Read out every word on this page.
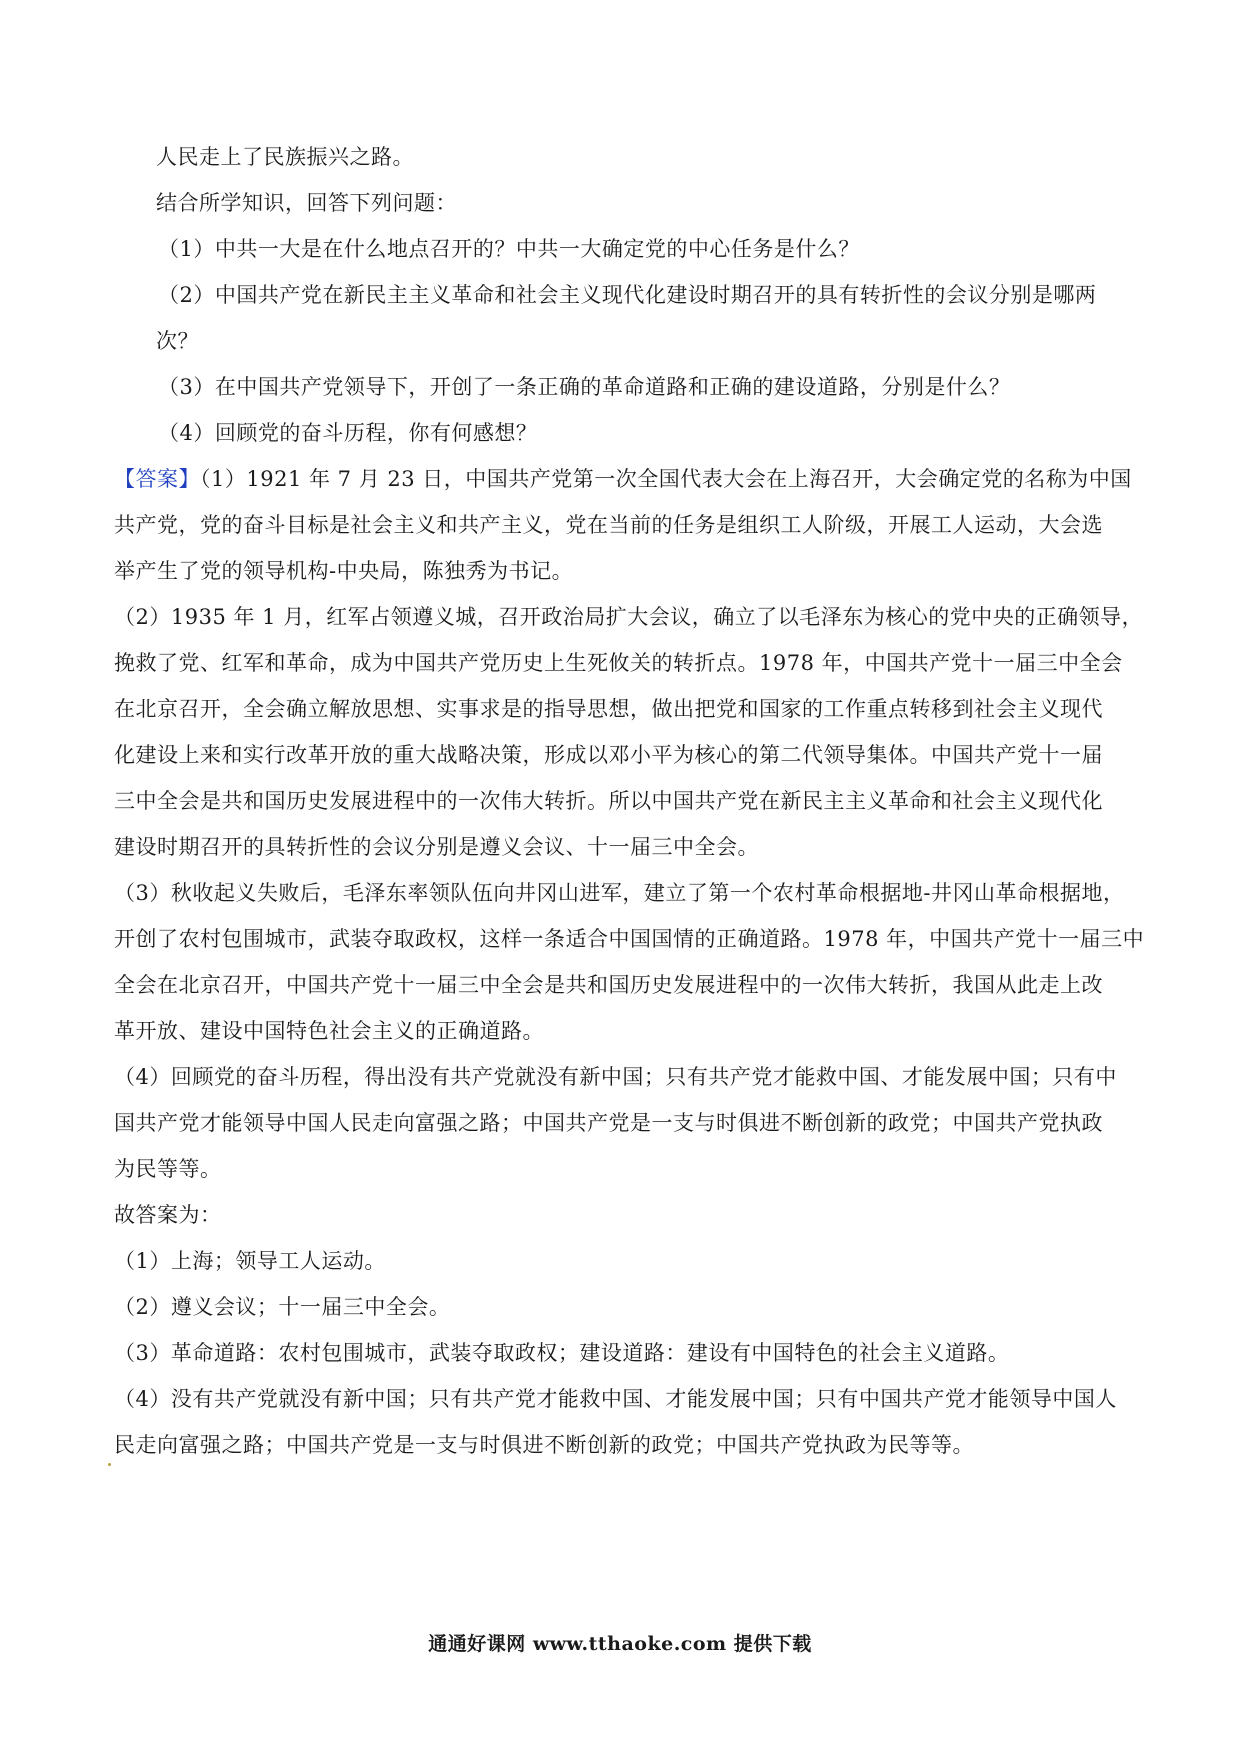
人民走上了民族振兴之路。
结合所学知识，回答下列问题：
（1）中共一大是在什么地点召开的？中共一大确定党的中心任务是什么？
（2）中国共产党在新民主主义革命和社会主义现代化建设时期召开的具有转折性的会议分别是哪两
次？
（3）在中国共产党领导下，开创了一条正确的革命道路和正确的建设道路，分别是什么？
（4）回顾党的奋斗历程，你有何感想？
【答案】（1）1921 年 7 月 23 日，中国共产党第一次全国代表大会在上海召开，大会确定党的名称为中国
共产党，党的奋斗目标是社会主义和共产主义，党在当前的任务是组织工人阶级，开展工人运动，大会选
举产生了党的领导机构-中央局，陈独秀为书记。
（2）1935 年 1 月，红军占领遵义城，召开政治局扩大会议，确立了以毛泽东为核心的党中央的正确领导，
挽救了党、红军和革命，成为中国共产党历史上生死攸关的转折点。1978 年，中国共产党十一届三中全会
在北京召开，全会确立解放思想、实事求是的指导思想，做出把党和国家的工作重点转移到社会主义现代
化建设上来和实行改革开放的重大战略决策，形成以邓小平为核心的第二代领导集体。中国共产党十一届
三中全会是共和国历史发展进程中的一次伟大转折。所以中国共产党在新民主主义革命和社会主义现代化
建设时期召开的具转折性的会议分别是遵义会议、十一届三中全会。
（3）秋收起义失败后，毛泽东率领队伍向井冈山进军，建立了第一个农村革命根据地-井冈山革命根据地，
开创了农村包围城市，武装夺取政权，这样一条适合中国国情的正确道路。1978 年，中国共产党十一届三中
全会在北京召开，中国共产党十一届三中全会是共和国历史发展进程中的一次伟大转折，我国从此走上改
革开放、建设中国特色社会主义的正确道路。
（4）回顾党的奋斗历程，得出没有共产党就没有新中国；只有共产党才能救中国、才能发展中国；只有中
国共产党才能领导中国人民走向富强之路；中国共产党是一支与时俱进不断创新的政党；中国共产党执政
为民等等。
故答案为：
（1）上海；领导工人运动。
（2）遵义会议；十一届三中全会。
（3）革命道路：农村包围城市，武装夺取政权；建设道路：建设有中国特色的社会主义道路。
（4）没有共产党就没有新中国；只有共产党才能救中国、才能发展中国；只有中国共产党才能领导中国人
民走向富强之路；中国共产党是一支与时俱进不断创新的政党；中国共产党执政为民等等。
通通好课网 www.tthaoke.com 提供下载
